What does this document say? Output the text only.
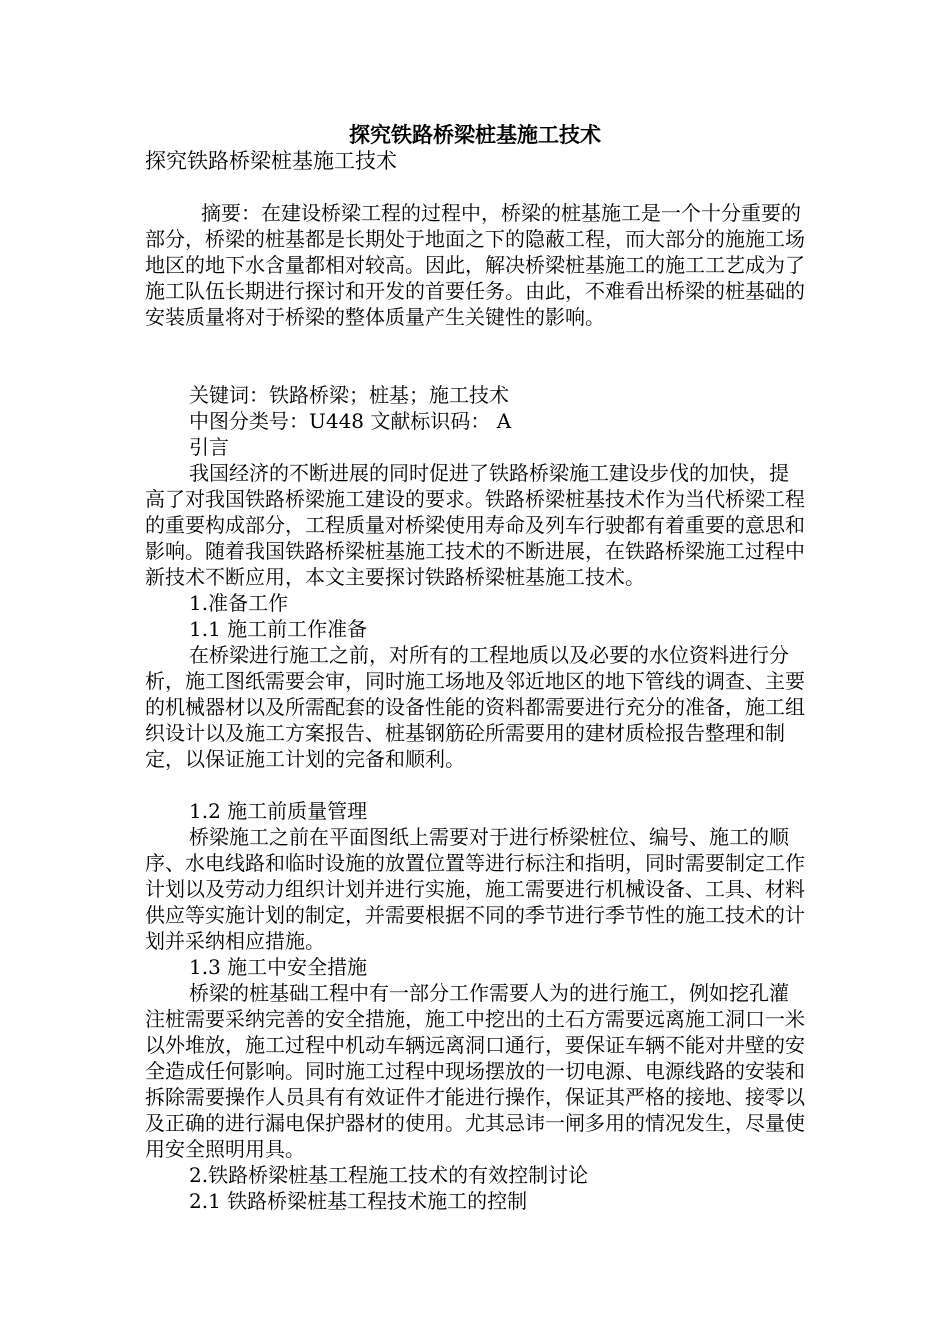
探究铁路桥梁桩基施工技术
探究铁路桥梁桩基施工技术

摘要：在建设桥梁工程的过程中，桥梁的桩基施工是一个十分重要的部分，桥梁的桩基都是长期处于地面之下的隐蔽工程，而大部分的施施工场地区的地下水含量都相对较高。因此，解决桥梁桩基施工的施工工艺成为了施工队伍长期进行探讨和开发的首要任务。由此，不难看出桥梁的桩基础的安装质量将对于桥梁的整体质量产生关键性的影响。

关键词：铁路桥梁；桩基；施工技术

中图分类号：U448 文献标识码： A

引言

我国经济的不断进展的同时促进了铁路桥梁施工建设步伐的加快，提高了对我国铁路桥梁施工建设的要求。铁路桥梁桩基技术作为当代桥梁工程的重要构成部分，工程质量对桥梁使用寿命及列车行驶都有着重要的意思和影响。随着我国铁路桥梁桩基施工技术的不断进展，在铁路桥梁施工过程中新技术不断应用，本文主要探讨铁路桥梁桩基施工技术。

1.准备工作

1.1 施工前工作准备

在桥梁进行施工之前，对所有的工程地质以及必要的水位资料进行分析，施工图纸需要会审，同时施工场地及邻近地区的地下管线的调查、主要的机械器材以及所需配套的设备性能的资料都需要进行充分的准备，施工组织设计以及施工方案报告、桩基钢筋砼所需要用的建材质检报告整理和制定，以保证施工计划的完备和顺利。

1.2 施工前质量管理

桥梁施工之前在平面图纸上需要对于进行桥梁桩位、编号、施工的顺序、水电线路和临时设施的放置位置等进行标注和指明，同时需要制定工作计划以及劳动力组织计划并进行实施，施工需要进行机械设备、工具、材料供应等实施计划的制定，并需要根据不同的季节进行季节性的施工技术的计划并采纳相应措施。

1.3 施工中安全措施

桥梁的桩基础工程中有一部分工作需要人为的进行施工，例如挖孔灌注桩需要采纳完善的安全措施，施工中挖出的土石方需要远离施工洞口一米以外堆放，施工过程中机动车辆远离洞口通行，要保证车辆不能对井壁的安全造成任何影响。同时施工过程中现场摆放的一切电源、电源线路的安装和拆除需要操作人员具有有效证件才能进行操作，保证其严格的接地、接零以及正确的进行漏电保护器材的使用。尤其忌讳一闸多用的情况发生，尽量使用安全照明用具。

2.铁路桥梁桩基工程施工技术的有效控制讨论

2.1 铁路桥梁桩基工程技术施工的控制
